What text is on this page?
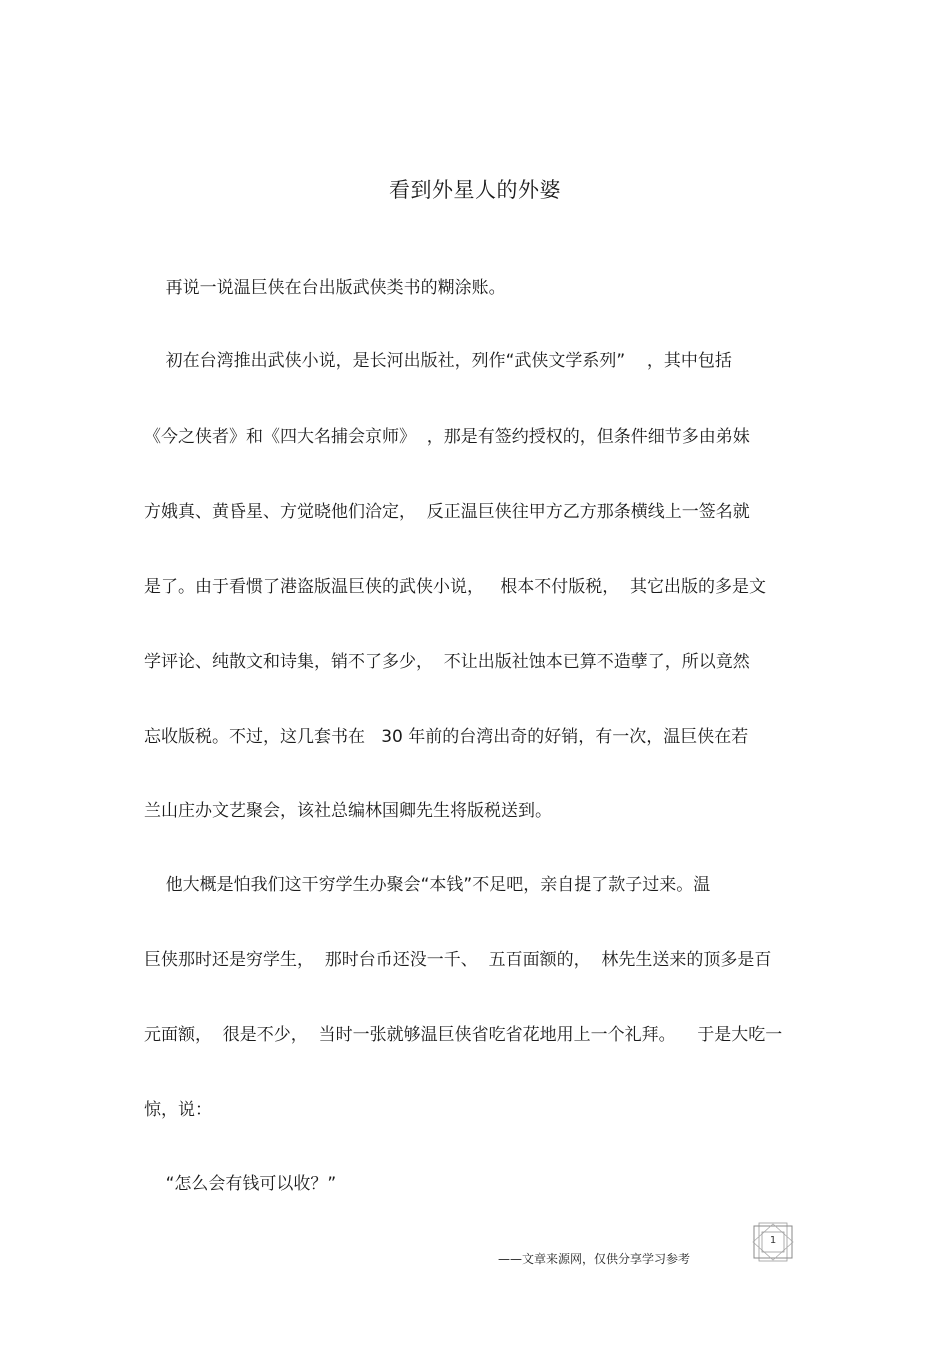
看到外星人的外婆
再说一说温巨侠在台出版武侠类书的糊涂账。
初在台湾推出武侠小说，是长河出版社，列作“武侠文学系列”    ，其中包括
《今之侠者》和《四大名捕会京师》  ，那是有签约授权的，但条件细节多由弟妹
方娥真、黄昏星、方觉晓他们洽定，  反正温巨侠往甲方乙方那条横线上一签名就
是了。由于看惯了港盗版温巨侠的武侠小说，   根本不付版税，  其它出版的多是文
学评论、纯散文和诗集，销不了多少，  不让出版社蚀本已算不造孽了，所以竟然
忘收版税。不过，这几套书在   30 年前的台湾出奇的好销，有一次，温巨侠在若
兰山庄办文艺聚会，该社总编林国卿先生将版税送到。
他大概是怕我们这干穷学生办聚会“本钱”不足吧，亲自提了款子过来。温
巨侠那时还是穷学生，  那时台币还没一千、  五百面额的，  林先生送来的顶多是百
元面额，  很是不少，  当时一张就够温巨侠省吃省花地用上一个礼拜。    于是大吃一
惊，说：
“怎么会有钱可以收？”
——文章来源网，仅供分享学习参考
1
